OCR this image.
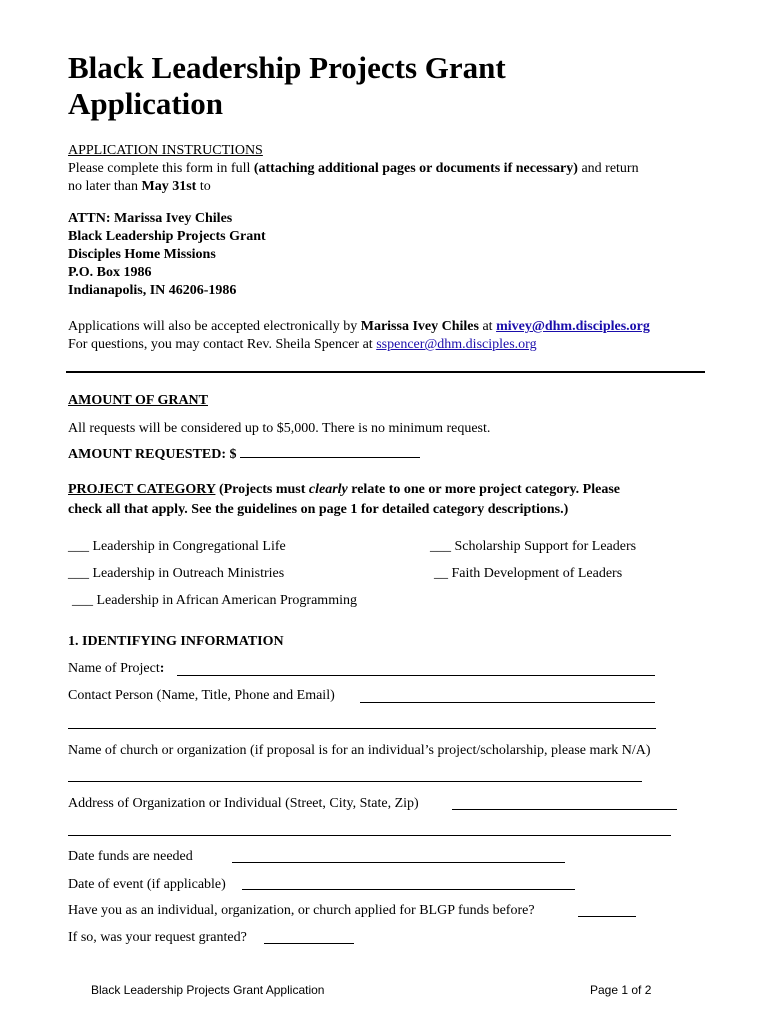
Black Leadership Projects Grant Application
APPLICATION INSTRUCTIONS
Please complete this form in full (attaching additional pages or documents if necessary) and return
no later than May 31st to
ATTN: Marissa Ivey Chiles
Black Leadership Projects Grant
Disciples Home Missions
P.O. Box 1986
Indianapolis, IN 46206-1986
Applications will also be accepted electronically by Marissa Ivey Chiles at mivey@dhm.disciples.org
For questions, you may contact Rev. Sheila Spencer at sspencer@dhm.disciples.org
AMOUNT OF GRANT
All requests will be considered up to $5,000. There is no minimum request.
AMOUNT REQUESTED: $
PROJECT CATEGORY (Projects must clearly relate to one or more project category. Please
check all that apply. See the guidelines on page 1 for detailed category descriptions.)
___ Leadership in Congregational Life	___ Scholarship Support for Leaders
___ Leadership in Outreach Ministries	__ Faith Development of Leaders
___ Leadership in African American Programming
1. IDENTIFYING INFORMATION
Name of Project:
Contact Person (Name, Title, Phone and Email)
Name of church or organization (if proposal is for an individual’s project/scholarship, please mark N/A)
Address of Organization or Individual (Street, City, State, Zip)
Date funds are needed
Date of event (if applicable)
Have you as an individual, organization, or church applied for BLGP funds before?
If so, was your request granted?
Black Leadership Projects Grant Application	Page 1 of 2
